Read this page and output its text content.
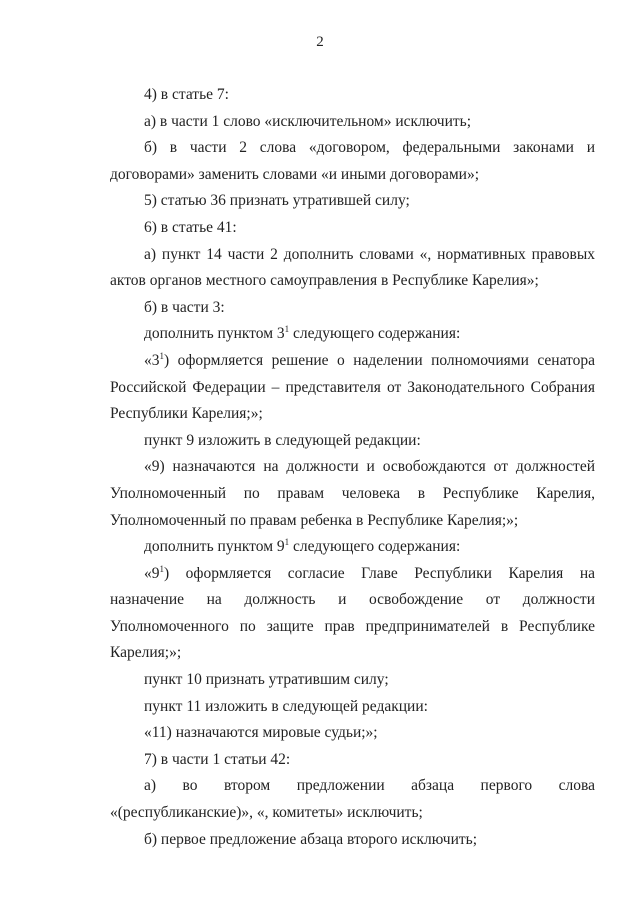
2

4) в статье 7:

а) в части 1 слово «исключительном» исключить;

б) в части 2 слова «договором, федеральными законами и договорами» заменить словами «и иными договорами»;

5) статью 36 признать утратившей силу;

6) в статье 41:

а) пункт 14 части 2 дополнить словами «, нормативных правовых актов органов местного самоуправления в Республике Карелия»;

б) в части 3:

дополнить пунктом $3^1$ следующего содержания:

«$3^1$) оформляется решение о наделении полномочиями сенатора Российской Федерации – представителя от Законодательного Собрания Республики Карелия;»;

пункт 9 изложить в следующей редакции:

«9) назначаются на должности и освобождаются от должностей Уполномоченный по правам человека в Республике Карелия, Уполномоченный по правам ребенка в Республике Карелия;»;

дополнить пунктом $9^1$ следующего содержания:

«$9^1$) оформляется согласие Главе Республики Карелия на назначение на должность и освобождение от должности Уполномоченного по защите прав предпринимателей в Республике Карелия;»;

пункт 10 признать утратившим силу;

пункт 11 изложить в следующей редакции:

«11) назначаются мировые судьи;»;

7) в части 1 статьи 42:

а) во втором предложении абзаца первого слова «(республиканские)», «, комитеты» исключить;

б) первое предложение абзаца второго исключить;
